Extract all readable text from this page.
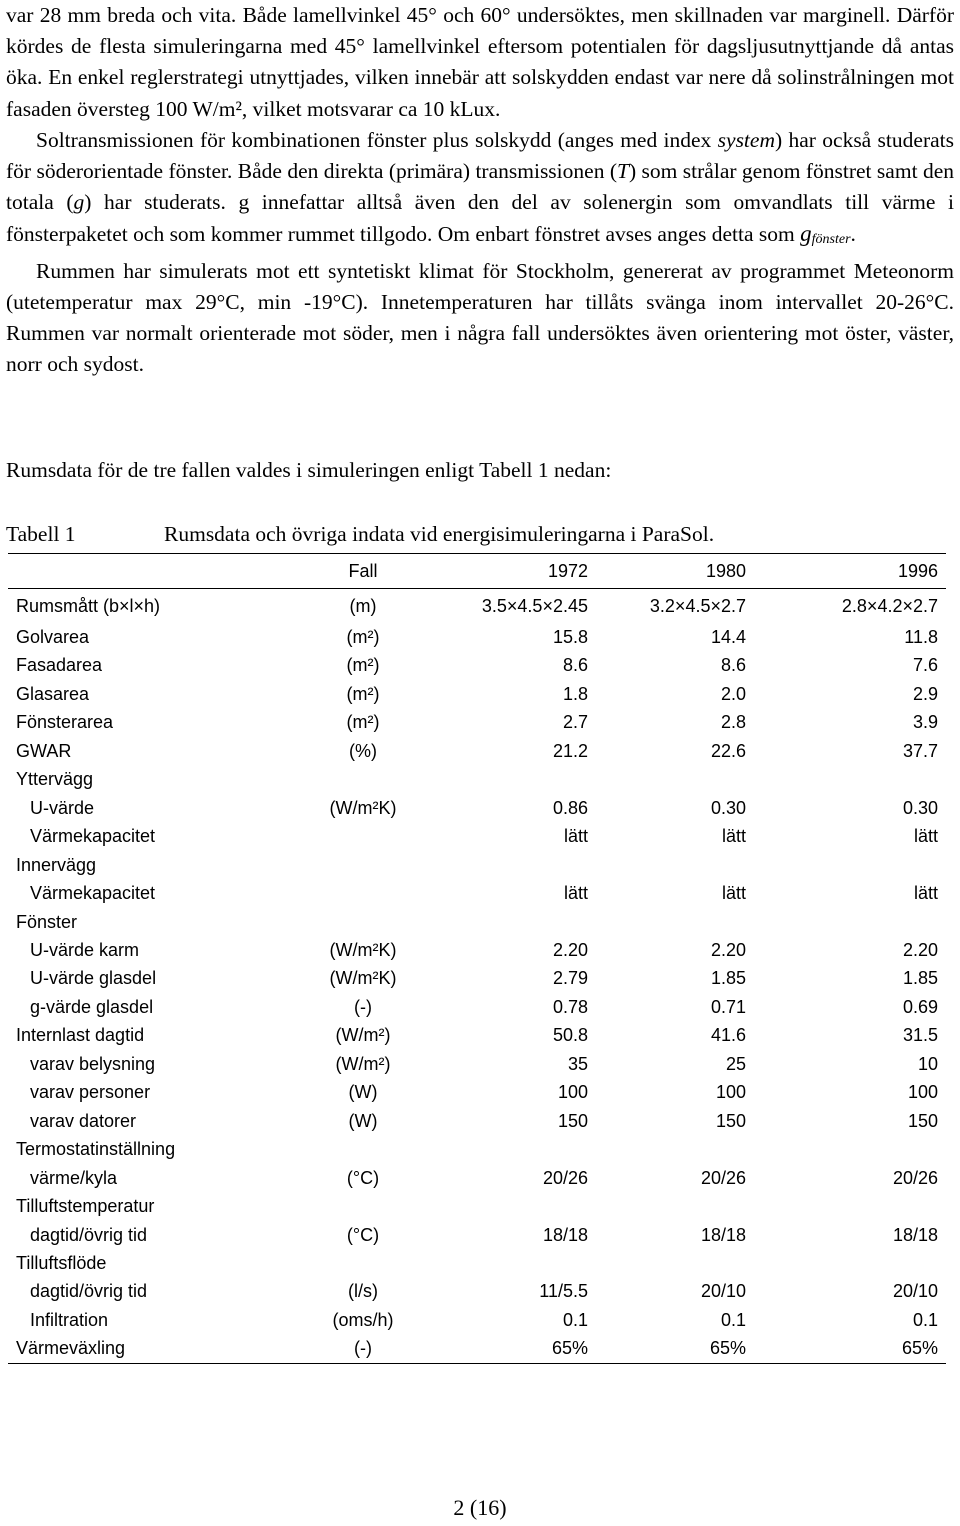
var 28 mm breda och vita. Både lamellvinkel 45° och 60° undersöktes, men skillnaden var marginell. Därför kördes de flesta simuleringarna med 45° lamellvinkel eftersom potentialen för dagsljusutnyttjande då antas öka. En enkel reglerstrategi utnyttjades, vilken innebär att solskydden endast var nere då solinstrålningen mot fasaden översteg 100 W/m², vilket motsvarar ca 10 kLux.

Soltransmissionen för kombinationen fönster plus solskydd (anges med index system) har också studerats för söderorientade fönster. Både den direkta (primära) transmissionen (T) som strålar genom fönstret samt den totala (g) har studerats. g innefattar alltså även den del av solenergin som omvandlats till värme i fönsterpaketet och som kommer rummet tillgodo. Om enbart fönstret avses anges detta som $g_{fönster}$.

Rummen har simulerats mot ett syntetiskt klimat för Stockholm, genererat av programmet Meteonorm (utetemperatur max 29°C, min -19°C). Innetemperaturen har tillåts svänga inom intervallet 20-26°C. Rummen var normalt orienterade mot söder, men i några fall undersöktes även orientering mot öster, väster, norr och sydost.

Rumsdata för de tre fallen valdes i simuleringen enligt Tabell 1 nedan:

Tabell 1	Rumsdata och övriga indata vid energisimuleringarna i ParaSol.
	Fall	1972	1980	1996
Rumsmått (b×l×h)	(m)	3.5×4.5×2.45	3.2×4.5×2.7	2.8×4.2×2.7
Golvarea	(m²)	15.8	14.4	11.8
Fasadarea	(m²)	8.6	8.6	7.6
Glasarea	(m²)	1.8	2.0	2.9
Fönsterarea	(m²)	2.7	2.8	3.9
GWAR	(%)	21.2	22.6	37.7
Yttervägg				
U-värde	(W/m²K)	0.86	0.30	0.30
Värmekapacitet		lätt	lätt	lätt
Innervägg				
Värmekapacitet		lätt	lätt	lätt
Fönster				
U-värde karm	(W/m²K)	2.20	2.20	2.20
U-värde glasdel	(W/m²K)	2.79	1.85	1.85
g-värde glasdel	(-)	0.78	0.71	0.69
Internlast dagtid	(W/m²)	50.8	41.6	31.5
varav belysning	(W/m²)	35	25	10
varav personer	(W)	100	100	100
varav datorer	(W)	150	150	150
Termostatinställning				
värme/kyla	(°C)	20/26	20/26	20/26
Tilluftstemperatur				
dagtid/övrig tid	(°C)	18/18	18/18	18/18
Tilluftsflöde				
dagtid/övrig tid	(l/s)	11/5.5	20/10	20/10
Infiltration	(oms/h)	0.1	0.1	0.1
Värmeväxling	(-)	65%	65%	65%
2 (16)
